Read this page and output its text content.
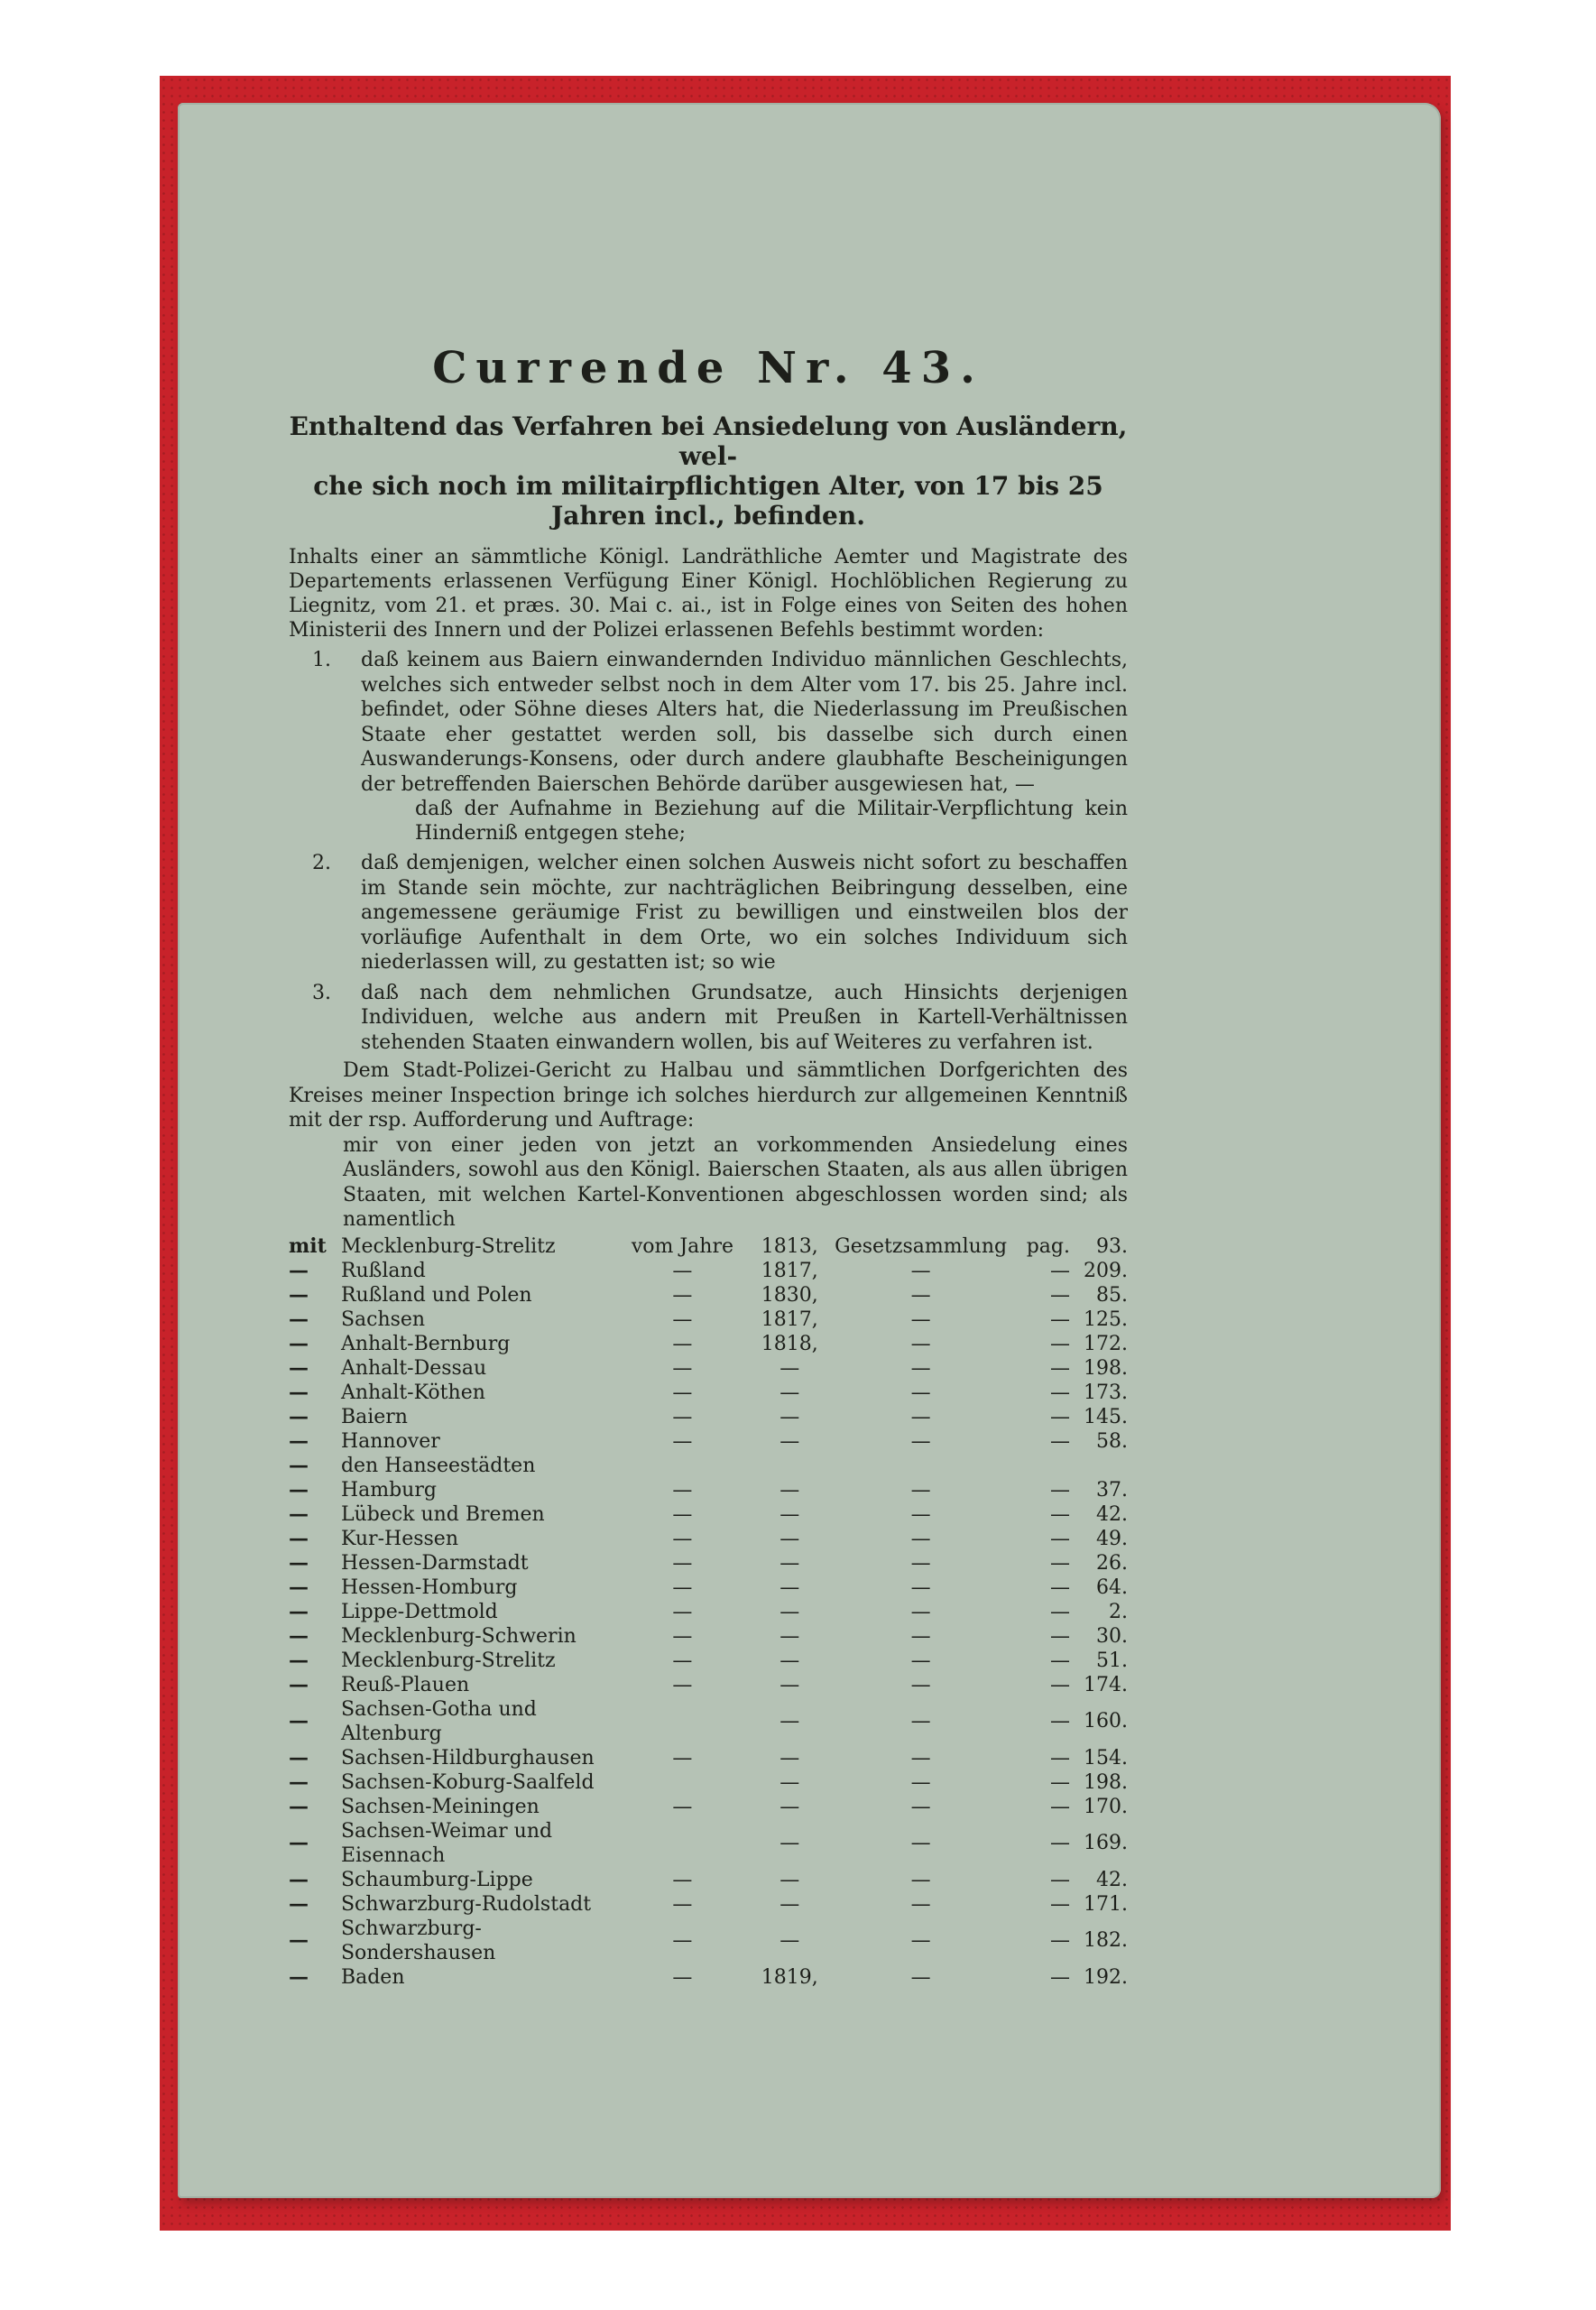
Currende Nr. 43.
Enthaltend das Verfahren bei Ansiedelung von Ausländern, wel-
che sich noch im militairpflichtigen Alter, von 17 bis 25
Jahren incl., befinden.

Inhalts einer an sämmtliche Königl. Landräthliche Aemter und Magistrate des Departements erlassenen Verfügung Einer Königl. Hochlöblichen Regierung zu Liegnitz, vom 21. et præs. 30. Mai c. ai., ist in Folge eines von Seiten des hohen Ministerii des Innern und der Polizei erlassenen Befehls bestimmt worden:

1. daß keinem aus Baiern einwandernden Individuo männlichen Geschlechts, welches sich entweder selbst noch in dem Alter vom 17. bis 25. Jahre incl. befindet, oder Söhne dieses Alters hat, die Niederlassung im Preußischen Staate eher gestattet werden soll, bis dasselbe sich durch einen Auswanderungs-Konsens, oder durch andere glaubhafte Bescheinigungen der betreffenden Baierschen Behörde darüber ausgewiesen hat, —
daß der Aufnahme in Beziehung auf die Militair-Verpflichtung kein Hinderniß entgegen stehe;
2. daß demjenigen, welcher einen solchen Ausweis nicht sofort zu beschaffen im Stande sein möchte, zur nachträglichen Beibringung desselben, eine angemessene geräumige Frist zu bewilligen und einstweilen blos der vorläufige Aufenthalt in dem Orte, wo ein solches Individuum sich niederlassen will, zu gestatten ist; so wie
3. daß nach dem nehmlichen Grundsatze, auch Hinsichts derjenigen Individuen, welche aus andern mit Preußen in Kartell-Verhältnissen stehenden Staaten einwandern wollen, bis auf Weiteres zu verfahren ist.

Dem Stadt-Polizei-Gericht zu Halbau und sämmtlichen Dorfgerichten des Kreises meiner Inspection bringe ich solches hierdurch zur allgemeinen Kenntniß mit der rsp. Aufforderung und Auftrage:

mir von einer jeden von jetzt an vorkommenden Ansiedelung eines Ausländers, sowohl aus den Königl. Baierschen Staaten, als aus allen übrigen Staaten, mit welchen Kartel-Konventionen abgeschlossen worden sind; als namentlich

mit	Mecklenburg-Strelitz	vom Jahre	1813,	Gesetzsammlung	pag.	93.
—	Rußland	—	1817,	—	—	209.
—	Rußland und Polen	—	1830,	—	—	85.
—	Sachsen	—	1817,	—	—	125.
—	Anhalt-Bernburg	—	1818,	—	—	172.
—	Anhalt-Dessau	—	—	—	—	198.
—	Anhalt-Köthen	—	—	—	—	173.
—	Baiern	—	—	—	—	145.
—	Hannover	—	—	—	—	58.
—	den Hanseestädten					
—	Hamburg	—	—	—	—	37.
—	Lübeck und Bremen	—	—	—	—	42.
—	Kur-Hessen	—	—	—	—	49.
—	Hessen-Darmstadt	—	—	—	—	26.
—	Hessen-Homburg	—	—	—	—	64.
—	Lippe-Dettmold	—	—	—	—	2.
—	Mecklenburg-Schwerin	—	—	—	—	30.
—	Mecklenburg-Strelitz	—	—	—	—	51.
—	Reuß-Plauen	—	—	—	—	174.
—	Sachsen-Gotha und Altenburg		—	—	—	160.
—	Sachsen-Hildburghausen	—	—	—	—	154.
—	Sachsen-Koburg-Saalfeld		—	—	—	198.
—	Sachsen-Meiningen	—	—	—	—	170.
—	Sachsen-Weimar und Eisennach		—	—	—	169.
—	Schaumburg-Lippe	—	—	—	—	42.
—	Schwarzburg-Rudolstadt	—	—	—	—	171.
—	Schwarzburg-Sondershausen	—	—	—	—	182.
—	Baden	—	1819,	—	—	192.
